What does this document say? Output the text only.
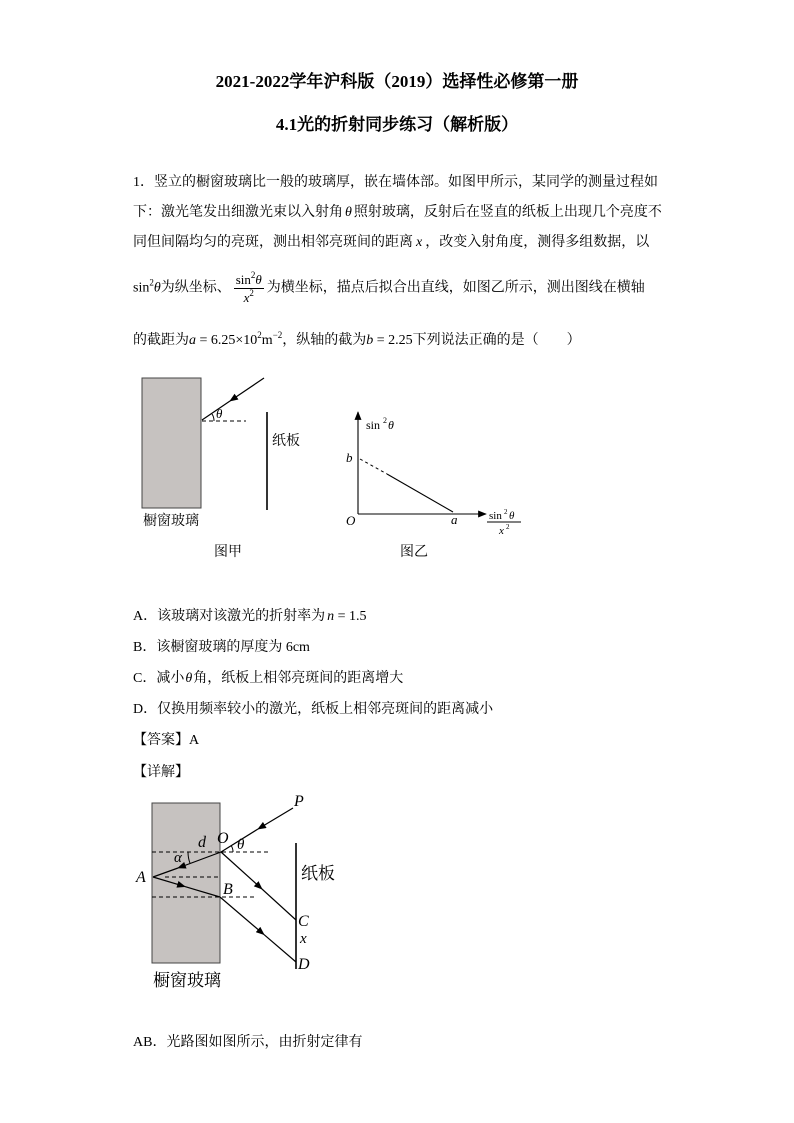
2021-2022学年沪科版（2019）选择性必修第一册
4.1光的折射同步练习（解析版）
1．竖立的橱窗玻璃比一般的玻璃厚，嵌在墙体部。如图甲所示，某同学的测量过程如
下：激光笔发出细激光束以入射角 θ 照射玻璃，反射后在竖直的纸板上出现几个亮度不
同但间隔均匀的亮斑，测出相邻亮斑间的距离 x ，改变入射角度，测得多组数据，以
$\sin^2\theta$为纵坐标、 $\frac{\sin^2\theta}{x^2}$ 为横坐标，描点后拟合出直线，如图乙所示，测出图线在横轴
的截距为$a = 6.25\times 10^2m^{-2}$，纵轴的截为b = 2.25下列说法正确的是（　　）
θ
纸板
橱窗玻璃
图甲
sin 2 θ
b
O	a	sin 2 θ
x 2
图乙
A．该玻璃对该激光的折射率为 n = 1.5
B．该橱窗玻璃的厚度为 6cm
C．减小θ角，纸板上相邻亮斑间的距离增大
D．仅换用频率较小的激光，纸板上相邻亮斑间的距离减小
【答案】A
【详解】
P
O
d
α
θ
A
B
纸板
C
x
D
橱窗玻璃
AB．光路图如图所示，由折射定律有
